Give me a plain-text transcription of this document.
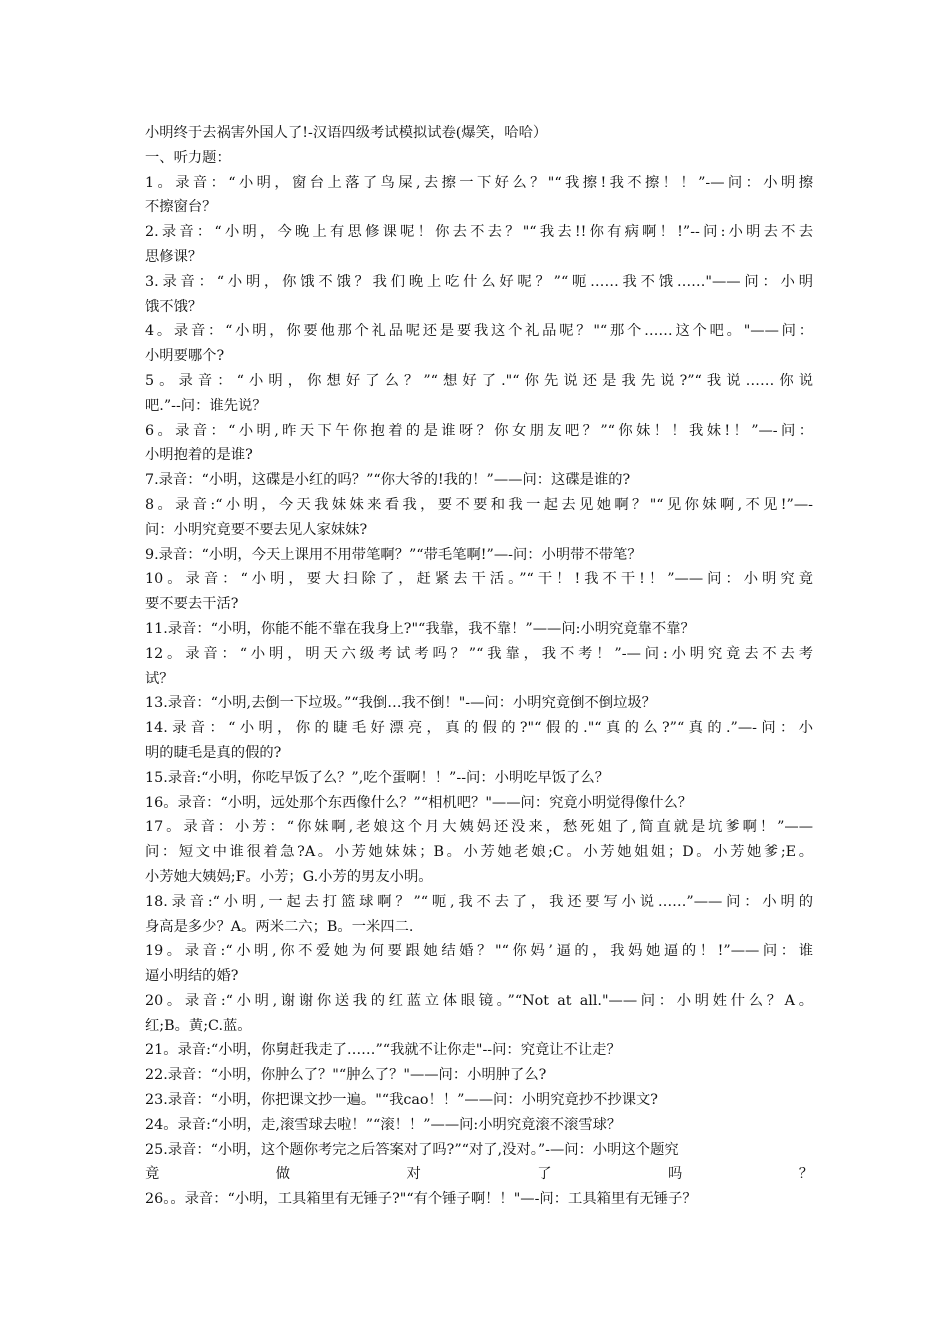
小明终于去祸害外国人了!-汉语四级考试模拟试卷(爆笑，哈哈）
一、听力题：
1。录音：“小明，窗台上落了鸟屎,去擦一下好么？"“我擦!我不擦！！”-—问：小明擦
不擦窗台？
2.录音：“小明，今晚上有思修课呢！你去不去？"“我去!!你有病啊！!”--问:小明去不去
思修课？
3.录音：“小明，你饿不饿？我们晚上吃什么好呢？”“呃……我不饿……"——问：小明
饿不饿？
4。录音：“小明，你要他那个礼品呢还是要我这个礼品呢？"“那个……这个吧。"——问：
小明要哪个?
5。录音：“小明，你想好了么？”“想好了."“你先说还是我先说?”“我说……你说
吧.”--问：谁先说？
6。录音：“小明,昨天下午你抱着的是谁呀？你女朋友吧？”“你妹！！我妹!！”—-问：
小明抱着的是谁?
7.录音：“小明，这碟是小红的吗？”“你大爷的!我的！”——问：这碟是谁的?
8。录音:“小明，今天我妹妹来看我，要不要和我一起去见她啊？"“见你妹啊,不见!”—-
问：小明究竟要不要去见人家妹妹?
9.录音：“小明，今天上课用不用带笔啊？”“带毛笔啊!”—-问：小明带不带笔？
10。录音：“小明，要大扫除了，赶紧去干活。”“干！!我不干!！”——问：小明究竟
要不要去干活?
11.录音：“小明，你能不能不靠在我身上?"“我靠，我不靠！”——问:小明究竟靠不靠？
12。录音：“小明，明天六级考试考吗？”“我靠，我不考！”-—问:小明究竟去不去考
试？
13.录音：“小明,去倒一下垃圾。”“我倒…我不倒！"-—问：小明究竟倒不倒垃圾？
14.录音：“小明，你的睫毛好漂亮，真的假的?"“假的."“真的么?”“真的.”—-问：小
明的睫毛是真的假的?
15.录音:“小明，你吃早饭了么？”,吃个蛋啊！！”--问：小明吃早饭了么？
16。录音：“小明，远处那个东西像什么？”“相机吧？"——问：究竟小明觉得像什么？
17。录音：小芳：“你妹啊,老娘这个月大姨妈还没来，愁死姐了,简直就是坑爹啊！”——
问：短文中谁很着急?A。小芳她妹妹；B。小芳她老娘;C。小芳她姐姐；D。小芳她爹;E。
小芳她大姨妈;F。小芳；G.小芳的男友小明。
18.录音:“小明,一起去打篮球啊？”“呃,我不去了，我还要写小说……”——问：小明的
身高是多少？A。两米二六；B。一米四二.
19。录音:“小明,你不爱她为何要跟她结婚？"“你妈’逼的，我妈她逼的！!”——问：谁
逼小明结的婚?
20。录音:“小明,谢谢你送我的红蓝立体眼镜。”“Not at all."——问：小明姓什么？A。
红;B。黄;C.蓝。
21。录音:“小明，你舅赶我走了……”“我就不让你走"--问：究竟让不让走？
22.录音：“小明，你肿么了？"“肿么了？"——问：小明肿了么?
23.录音：“小明，你把课文抄一遍。"“我cao！！”——问：小明究竟抄不抄课文?
24。录音:“小明，走,滚雪球去啦！”“滚！！”——问:小明究竟滚不滚雪球？
25.录音：“小明，这个题你考完之后答案对了吗?”“对了,没对。”-—问：小明这个题究
竟做对了吗？
26。。录音：“小明，工具箱里有无锤子?"“有个锤子啊！！"—-问：工具箱里有无锤子？
